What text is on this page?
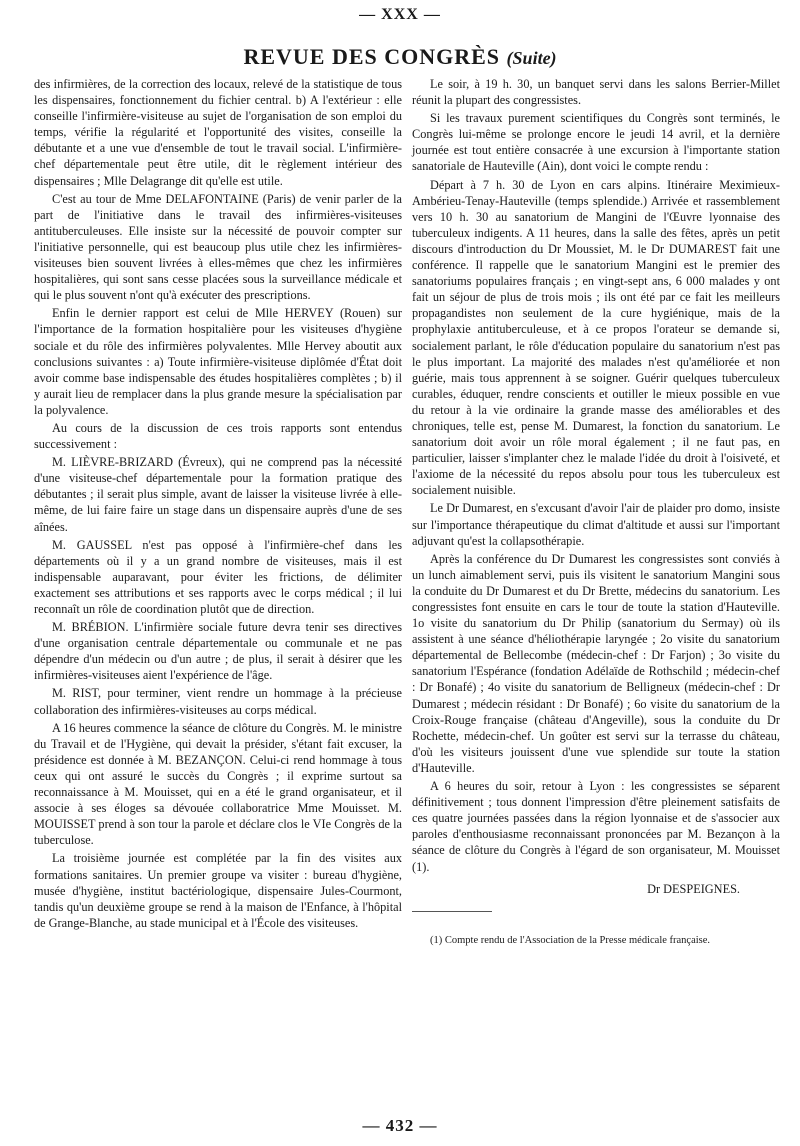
— XXX —
REVUE DES CONGRÈS (Suite)

des infirmières, de la correction des locaux, relevé de la statistique de tous les dispensaires, fonctionnement du fichier central. b) A l'extérieur : elle conseille l'infirmière-visiteuse au sujet de l'organisation de son emploi du temps, vérifie la régularité et l'opportunité des visites, conseille la débutante et a une vue d'ensemble de tout le travail social. L'infirmière-chef départementale peut être utile, dit le règlement intérieur des dispensaires ; Mlle Delagrange dit qu'elle est utile.

C'est au tour de Mme DELAFONTAINE (Paris) de venir parler de la part de l'initiative dans le travail des infirmières-visiteuses antituberculeuses. Elle insiste sur la nécessité de pouvoir compter sur l'initiative personnelle, qui est beaucoup plus utile chez les infirmières-visiteuses bien souvent livrées à elles-mêmes que chez les infirmières hospitalières, qui sont sans cesse placées sous la surveillance médicale et qui le plus souvent n'ont qu'à exécuter des prescriptions.

Enfin le dernier rapport est celui de Mlle HERVEY (Rouen) sur l'importance de la formation hospitalière pour les visiteuses d'hygiène sociale et du rôle des infirmières polyvalentes. Mlle Hervey aboutit aux conclusions suivantes : a) Toute infirmière-visiteuse diplômée d'État doit avoir comme base indispensable des études hospitalières complètes ; b) il y aurait lieu de remplacer dans la plus grande mesure la spécialisation par la polyvalence.

Au cours de la discussion de ces trois rapports sont entendus successivement :

M. LIÈVRE-BRIZARD (Évreux), qui ne comprend pas la nécessité d'une visiteuse-chef départementale pour la formation pratique des débutantes ; il serait plus simple, avant de laisser la visiteuse livrée à elle-même, de lui faire faire un stage dans un dispensaire auprès d'une de ses aînées.

M. GAUSSEL n'est pas opposé à l'infirmière-chef dans les départements où il y a un grand nombre de visiteuses, mais il est indispensable auparavant, pour éviter les frictions, de délimiter exactement ses attributions et ses rapports avec le corps médical ; il lui reconnaît un rôle de coordination plutôt que de direction.

M. BRÉBION. L'infirmière sociale future devra tenir ses directives d'une organisation centrale départementale ou communale et ne pas dépendre d'un médecin ou d'un autre ; de plus, il serait à désirer que les infirmières-visiteuses aient l'expérience de l'âge.

M. RIST, pour terminer, vient rendre un hommage à la précieuse collaboration des infirmières-visiteuses au corps médical.

A 16 heures commence la séance de clôture du Congrès. M. le ministre du Travail et de l'Hygiène, qui devait la présider, s'étant fait excuser, la présidence est donnée à M. BEZANÇON. Celui-ci rend hommage à tous ceux qui ont assuré le succès du Congrès ; il exprime surtout sa reconnaissance à M. Mouisset, qui en a été le grand organisateur, et il associe à ses éloges sa dévouée collaboratrice Mme Mouisset. M. MOUISSET prend à son tour la parole et déclare clos le VIe Congrès de la tuberculose.

La troisième journée est complétée par la fin des visites aux formations sanitaires. Un premier groupe va visiter : bureau d'hygiène, musée d'hygiène, institut bactériologique, dispensaire Jules-Courmont, tandis qu'un deuxième groupe se rend à la maison de l'Enfance, à l'hôpital de Grange-Blanche, au stade municipal et à l'École des visiteuses.

Le soir, à 19 h. 30, un banquet servi dans les salons Berrier-Millet réunit la plupart des congressistes.

Si les travaux purement scientifiques du Congrès sont terminés, le Congrès lui-même se prolonge encore le jeudi 14 avril, et la dernière journée est tout entière consacrée à une excursion à l'importante station sanatoriale de Hauteville (Ain), dont voici le compte rendu :

Départ à 7 h. 30 de Lyon en cars alpins. Itinéraire Meximieux-Ambérieu-Tenay-Hauteville (temps splendide.) Arrivée et rassemblement vers 10 h. 30 au sanatorium de Mangini de l'Œuvre lyonnaise des tuberculeux indigents. A 11 heures, dans la salle des fêtes, après un petit discours d'introduction du Dr Moussiet, M. le Dr DUMAREST fait une conférence. Il rappelle que le sanatorium Mangini est le premier des sanatoriums populaires français ; en vingt-sept ans, 6 000 malades y ont fait un séjour de plus de trois mois ; ils ont été par ce fait les meilleurs propagandistes non seulement de la cure hygiénique, mais de la prophylaxie antituberculeuse, et à ce propos l'orateur se demande si, socialement parlant, le rôle d'éducation populaire du sanatorium n'est pas le plus important. La majorité des malades n'est qu'améliorée et non guérie, mais tous apprennent à se soigner. Guérir quelques tuberculeux curables, éduquer, rendre conscients et outiller le mieux possible en vue du retour à la vie ordinaire la grande masse des améliorables et des chroniques, telle est, pense M. Dumarest, la fonction du sanatorium. Le sanatorium doit avoir un rôle moral également ; il ne faut pas, en particulier, laisser s'implanter chez le malade l'idée du droit à l'oisiveté, et l'axiome de la nécessité du repos absolu pour tous les tuberculeux est socialement nuisible.

Le Dr Dumarest, en s'excusant d'avoir l'air de plaider pro domo, insiste sur l'importance thérapeutique du climat d'altitude et aussi sur l'important adjuvant qu'est la collapsothérapie.

Après la conférence du Dr Dumarest les congressistes sont conviés à un lunch aimablement servi, puis ils visitent le sanatorium Mangini sous la conduite du Dr Dumarest et du Dr Brette, médecins du sanatorium. Les congressistes font ensuite en cars le tour de toute la station d'Hauteville. 1o visite du sanatorium du Dr Philip (sanatorium du Sermay) où ils assistent à une séance d'héliothérapie laryngée ; 2o visite du sanatorium départemental de Bellecombe (médecin-chef : Dr Farjon) ; 3o visite du sanatorium l'Espérance (fondation Adélaïde de Rothschild ; médecin-chef : Dr Bonafé) ; 4o visite du sanatorium de Belligneux (médecin-chef : Dr Dumarest ; médecin résidant : Dr Bonafé) ; 6o visite du sanatorium de la Croix-Rouge française (château d'Angeville), sous la conduite du Dr Rochette, médecin-chef. Un goûter est servi sur la terrasse du château, d'où les visiteurs jouissent d'une vue splendide sur toute la station d'Hauteville.

A 6 heures du soir, retour à Lyon : les congressistes se séparent définitivement ; tous donnent l'impression d'être pleinement satisfaits de ces quatre journées passées dans la région lyonnaise et de s'associer aux paroles d'enthousiasme reconnaissant prononcées par M. Bezançon à la séance de clôture du Congrès à l'égard de son organisateur, M. Mouisset (1).

Dr DESPEIGNES.
(1) Compte rendu de l'Association de la Presse médicale française.
— 432 —
